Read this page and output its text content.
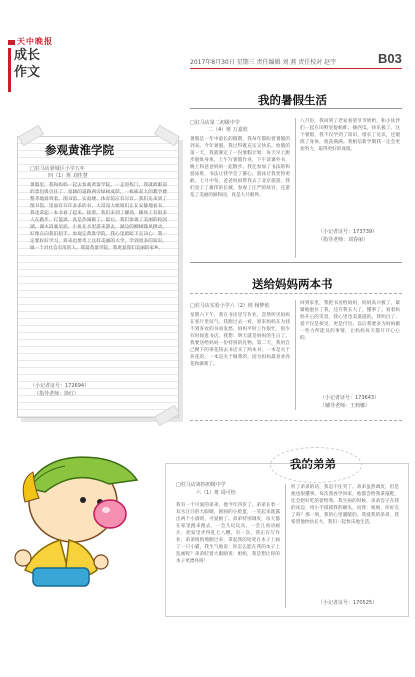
天中晚报
成长
作文
2017年8月30日 星期三 责任编辑 刘 燕 责任校对 赵宇	B03
参观黄淮学院
□驻马店驿城区小学五年
四（1）班 刘佳慧
暑假里，我和妈妈一起去参观黄淮学院。一走进校门，我就被眼前的景色吸引住了：宽阔的道路两旁绿树成荫，一栋栋高大的教学楼整齐地排列着，图书馆、实验楼、体育馆应有尽有。我们先来到了图书馆，里面有许许多多的书，大哥哥大姐姐们正在安静地看书，我也拿起一本书看了起来。接着，我们来到了操场，操场上有很多人在跑步、打篮球，真是热闹极了。最后，我们参观了美丽的校园湖，湖水清澈见底，小鱼在水里游来游去，湖边的柳树随风摆动，好像在向我们招手。参观完黄淮学院，我心里暗暗下定决心：我一定要好好学习，将来也要考上这样美丽的大学，学到更多的知识，做一个对社会有用的人。我爱黄淮学院，我更爱我们美丽的家乡。
（小记者证号：172694）
（指导老师：徐红）
我的暑假生活
□驻马店第二初级中学
二（4）班 万嘉欣
暑假是一年中最长的假期，我每年都盼着暑假的到来。今年暑假，我过得既充实又快乐。放假的第一天，我就制定了一份暑假计划：每天早上跑步锻炼身体，上午写暑假作业，下午读课外书，晚上和爸爸妈妈一起散步。我还参加了书法班和游泳班，书法让我学会了静心，游泳让我变得勇敢。七月中旬，爸爸妈妈带我去了北京旅游，我们登上了雄伟的长城，参观了庄严的故宫，还游览了美丽的颐和园，真是大开眼界。
八月份，我回到了老家看望爷爷奶奶，和小伙伴们一起在田野里捉蚂蚱、摘西瓜，快乐极了。这个暑假，我不仅学到了知识，增长了见识，还锻炼了身体，收获满满。我相信新学期我一定会更加努力，取得更好的成绩。
（小记者证号：173739）
（指导老师：刘春丽）
送给妈妈两本书
□驻马店实验小学六（2）班 杨梦依
星期六下午，我在书房里写作业，忽然听见妈妈在客厅里叹气。我跑过去一看，原来妈妈在为找不到喜欢的书而发愁。妈妈平时工作很忙，很少有时间逛书店。我想：明天就是妈妈的生日了，我要送给妈妈一份特别的礼物。第二天，我用自己攒下的零花钱去书店买了两本书，一本是关于养花的，一本是关于做菜的，因为妈妈最喜欢养花和做菜了。
回到家里，我把书送给妈妈，妈妈高兴极了，紧紧地抱住了我，还夸我长大了，懂事了。看着妈妈开心的笑容，我心里也美滋滋的。我明白了：爱不仅是接受，更是付出。以后我要多为妈妈做一些力所能及的事情，让妈妈每天都开开心心的。
（小记者证号：173643）
（辅导老师：王莉娜）
我的弟弟
□驻马店第四初级中学
六（1）班 周可怡
我有一个可爱的弟弟，他今年四岁了。弟弟长着一双水汪汪的大眼睛，圆圆的小脸蛋，一笑起来就露出两个小酒窝，可爱极了。弟弟特别调皮，每天都在家里跑来跑去，一会儿玩玩具，一会儿看动画片，把家里弄得乱七八糟。有一次，我正在写作业，弟弟悄悄地跑过来，拿起我的铅笔在本子上画了一只小猫，我生气地说：你怎么能在我的本子上乱画呢？弟弟眨着大眼睛说：姐姐，我是想让你的本子更漂亮呀！
听了弟弟的话，我忍不住笑了。弟弟虽然调皮，但是他也很懂事。每次我放学回家，他都会给我拿拖鞋，还会把好吃的留给我。我生病的时候，弟弟会守在我的床边，用小手摸摸我的额头，问我：姐姐，你好点了吗？那一刻，我的心里暖暖的。我爱我的弟弟，我希望他快快长大，我们一起快乐地生活。
（小记者证号：170525）
